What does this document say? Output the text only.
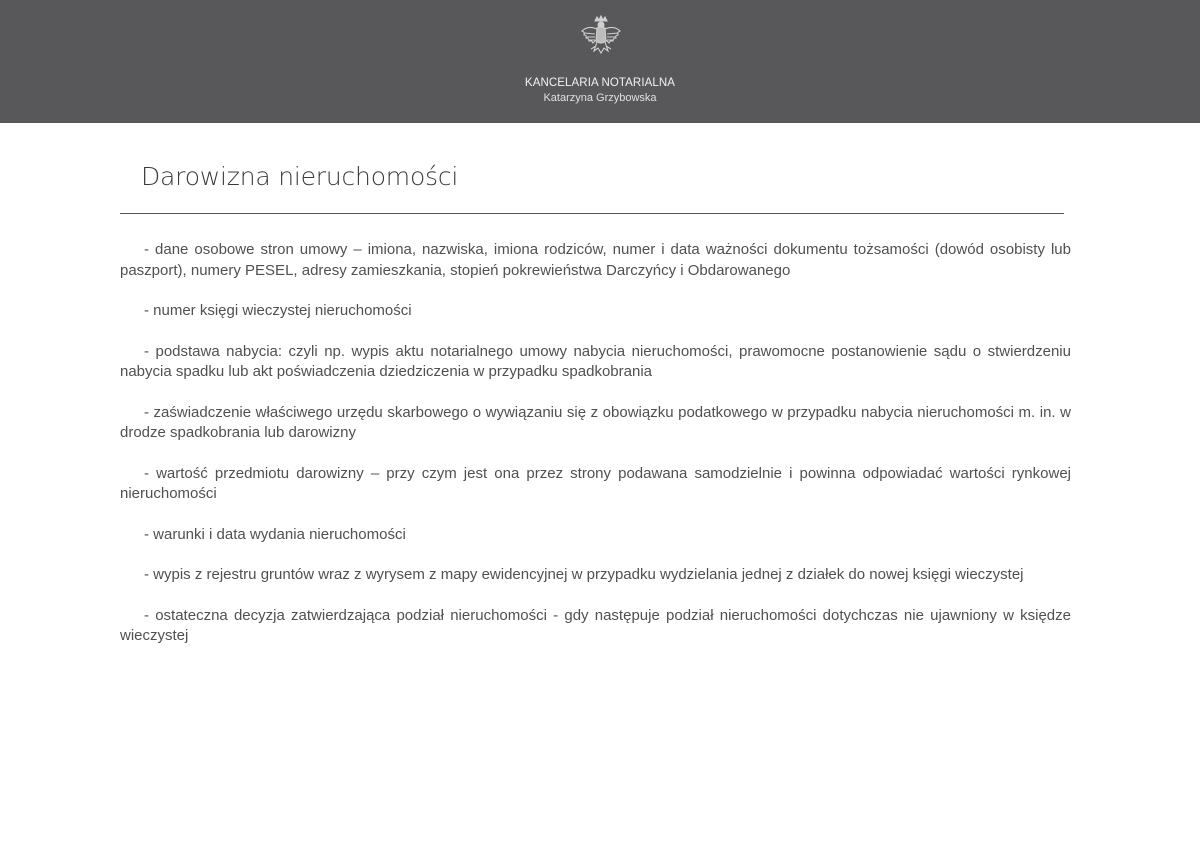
KANCELARIA NOTARIALNA
Katarzyna Grzybowska
Darowizna nieruchomości

- dane osobowe stron umowy – imiona, nazwiska, imiona rodziców, numer i data ważności dokumentu tożsamości (dowód osobisty lub paszport), numery PESEL, adresy zamieszkania, stopień pokrewieństwa Darczyńcy i Obdarowanego

- numer księgi wieczystej nieruchomości

- podstawa nabycia: czyli np. wypis aktu notarialnego umowy nabycia nieruchomości, prawomocne postanowienie sądu o stwierdzeniu nabycia spadku lub akt poświadczenia dziedziczenia w przypadku spadkobrania

- zaświadczenie właściwego urzędu skarbowego o wywiązaniu się z obowiązku podatkowego w przypadku nabycia nieruchomości m. in. w drodze spadkobrania lub darowizny

- wartość przedmiotu darowizny – przy czym jest ona przez strony podawana samodzielnie i powinna odpowiadać wartości rynkowej nieruchomości

- warunki i data wydania nieruchomości

- wypis z rejestru gruntów wraz z wyrysem z mapy ewidencyjnej w przypadku wydzielania jednej z działek do nowej księgi wieczystej

- ostateczna decyzja zatwierdzająca podział nieruchomości - gdy następuje podział nieruchomości dotychczas nie ujawniony w księdze wieczystej
